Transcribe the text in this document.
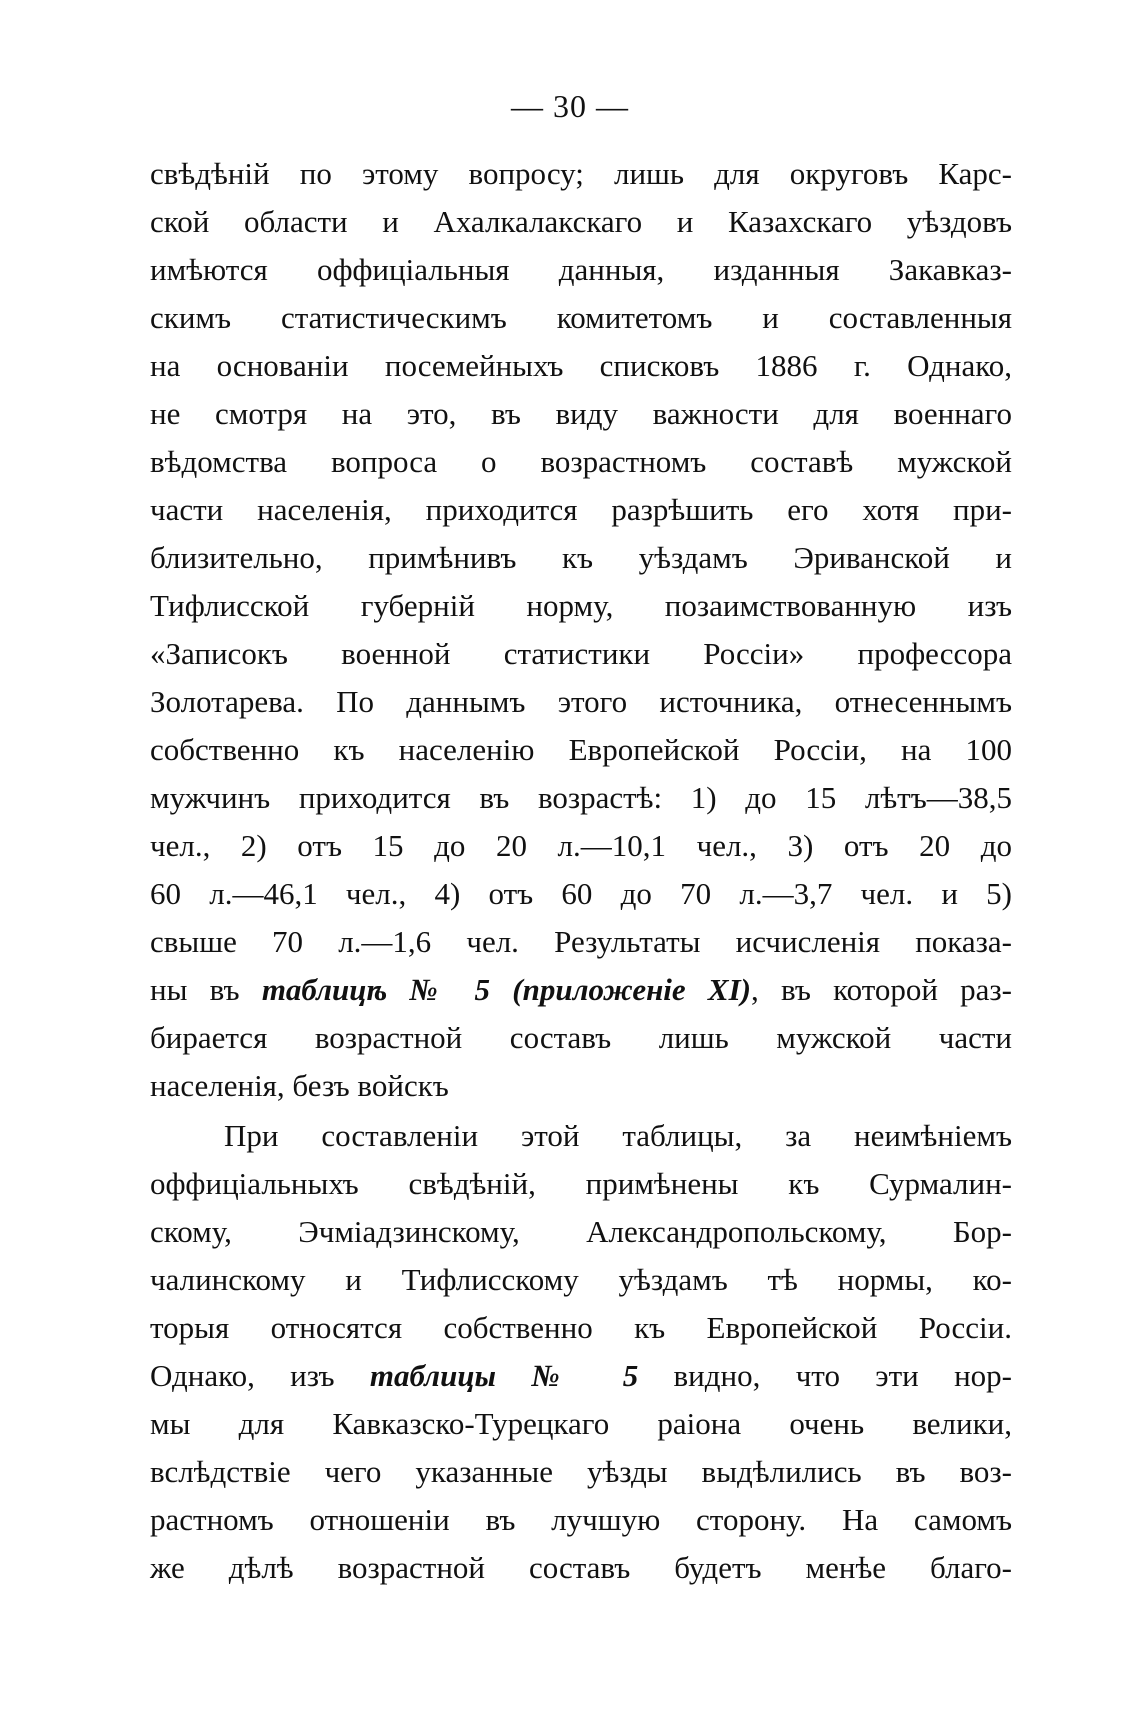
— 30 —
свѣдѣній по этому вопросу; лишь для округовъ Карс-
ской области и Ахалкалакскаго и Казахскаго уѣздовъ
имѣются оффиціальныя данныя, изданныя Закавказ-
скимъ статистическимъ комитетомъ и составленныя
на основаніи посемейныхъ списковъ 1886 г. Однако,
не смотря на это, въ виду важности для военнаго
вѣдомства вопроса о возрастномъ составѣ мужской
части населенія, приходится разрѣшить его хотя при-
близительно, примѣнивъ къ уѣздамъ Эриванской и
Тифлисской губерній норму, позаимствованную изъ
«Записокъ военной статистики Россіи» профессора
Золотарева. По даннымъ этого источника, отнесеннымъ
собственно къ населенію Европейской Россіи, на 100
мужчинъ приходится въ возрастѣ: 1) до 15 лѣтъ—38,5
чел., 2) отъ 15 до 20 л.—10,1 чел., 3) отъ 20 до
60 л.—46,1 чел., 4) отъ 60 до 70 л.—3,7 чел. и 5)
свыше 70 л.—1,6 чел. Результаты исчисленія показа-
ны въ таблицѣ № 5 (приложеніе XI), въ которой раз-
бирается возрастной составъ лишь мужской части
населенія, безъ войскъ
При составленіи этой таблицы, за неимѣніемъ
оффиціальныхъ свѣдѣній, примѣнены къ Сурмалин-
скому, Эчміадзинскому, Александропольскому, Бор-
чалинскому и Тифлисскому уѣздамъ тѣ нормы, ко-
торыя относятся собственно къ Европейской Россіи.
Однако, изъ таблицы № 5 видно, что эти нор-
мы для Кавказско-Турецкаго раіона очень велики,
вслѣдствіе чего указанные уѣзды выдѣлились въ воз-
растномъ отношеніи въ лучшую сторону. На самомъ
же дѣлѣ возрастной составъ будетъ менѣе благо-
